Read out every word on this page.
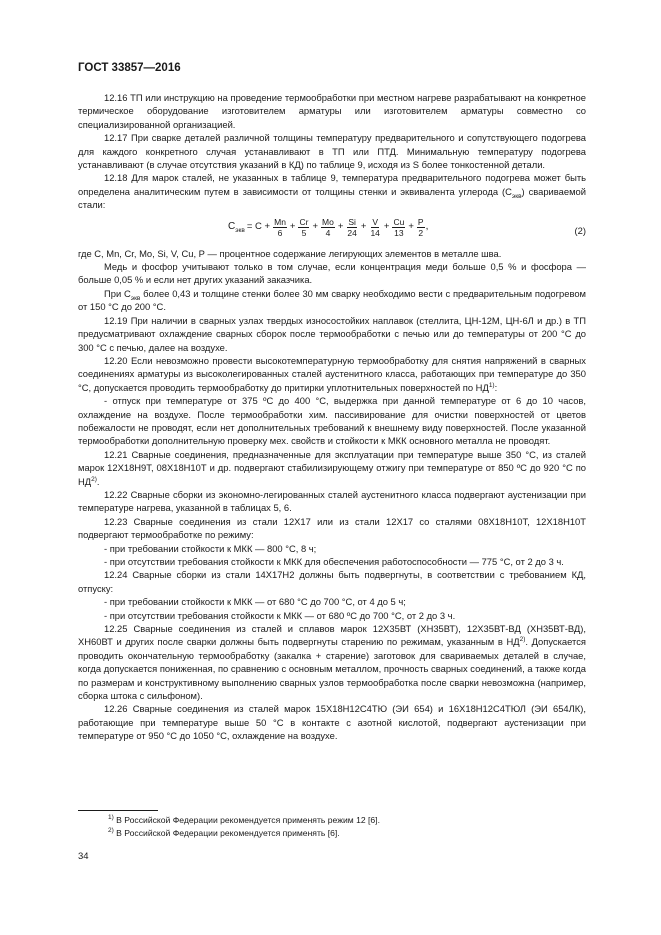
ГОСТ 33857—2016

12.16 ТП или инструкцию на проведение термообработки при местном нагреве разрабатывают на конкретное термическое оборудование изготовителем арматуры или изготовителем арматуры совместно со специализированной организацией.

12.17 При сварке деталей различной толщины температуру предварительного и сопутствующего подогрева для каждого конкретного случая устанавливают в ТП или ПТД. Минимальную температуру подогрева устанавливают (в случае отсутствия указаний в КД) по таблице 9, исходя из S более тонкостенной детали.

12.18 Для марок сталей, не указанных в таблице 9, температура предварительного подогрева может быть определена аналитическим путем в зависимости от толщины стенки и эквивалента углерода $(С_{экв})$ свариваемой стали:

$С_{экв} = С + \frac{Mn}{6} + \frac{Cr}{5} + \frac{Mo}{4} + \frac{Si}{24} + \frac{V}{14} + \frac{Cu}{13} + \frac{P}{2}$ ,	(2)

где С, Mn, Cr, Mo, Si, V, Cu, Р — процентное содержание легирующих элементов в металле шва.

Медь и фосфор учитывают только в том случае, если концентрация меди больше 0,5 % и фосфора — больше 0,05 % и если нет других указаний заказчика.

При $С_{экв}$ более 0,43 и толщине стенки более 30 мм сварку необходимо вести с предварительным подогревом от 150 °С до 200 °С.

12.19 При наличии в сварных узлах твердых износостойких наплавок (стеллита, ЦН-12М, ЦН-6Л и др.) в ТП предусматривают охлаждение сварных сборок после термообработки с печью или до температуры от 200 °С до 300 °С с печью, далее на воздухе.

12.20 Если невозможно провести высокотемпературную термообработку для снятия напряжений в сварных соединениях арматуры из высоколегированных сталей аустенитного класса, работающих при температуре до 350 °С, допускается проводить термообработку до притирки уплотнительных поверхностей по НД$^{1)}$:

- отпуск при температуре от 375 ºС до 400 °С, выдержка при данной температуре от 6 до 10 часов, охлаждение на воздухе. После термообработки хим. пассивирование для очистки поверхностей от цветов побежалости не проводят, если нет дополнительных требований к внешнему виду поверхностей. После указанной термообработки дополнительную проверку мех. свойств и стойкости к МКК основного металла не проводят.

12.21 Сварные соединения, предназначенные для эксплуатации при температуре выше 350 °С, из сталей марок 12Х18Н9Т, 08Х18Н10Т и др. подвергают стабилизирующему отжигу при температуре от 850 ºС до 920 °С по НД$^{2)}$.

12.22 Сварные сборки из экономно-легированных сталей аустенитного класса подвергают аустенизации при температуре нагрева, указанной в таблицах 5, 6.

12.23 Сварные соединения из стали 12Х17 или из стали 12Х17 со сталями 08Х18Н10Т, 12Х18Н10Т подвергают термообработке по режиму:

- при требовании стойкости к МКК — 800 °С, 8 ч;

- при отсутствии требования стойкости к МКК для обеспечения работоспособности — 775 °С, от 2 до 3 ч.

12.24 Сварные сборки из стали 14Х17Н2 должны быть подвергнуты, в соответствии с требованием КД, отпуску:

- при требовании стойкости к МКК — от 680 °С до 700 °С, от 4 до 5 ч;

- при отсутствии требования стойкости к МКК — от 680 ºС до 700 °С, от 2 до 3 ч.

12.25 Сварные соединения из сталей и сплавов марок 12Х35ВТ (ХН35ВТ), 12Х35ВТ-ВД (ХН35ВТ-ВД), ХН60ВТ и других после сварки должны быть подвергнуты старению по режимам, указанным в НД$^{2)}$. Допускается проводить окончательную термообработку (закалка + старение) заготовок для свариваемых деталей в случае, когда допускается пониженная, по сравнению с основным металлом, прочность сварных соединений, а также когда по размерам и конструктивному выполнению сварных узлов термообработка после сварки невозможна (например, сборка штока с сильфоном).

12.26 Сварные соединения из сталей марок 15Х18Н12С4ТЮ (ЭИ 654) и 16Х18Н12С4ТЮЛ (ЭИ 654ЛК), работающие при температуре выше 50 °С в контакте с азотной кислотой, подвергают аустенизации при температуре от 950 °С до 1050 °С, охлаждение на воздухе.

$^{1)}$ В Российской Федерации рекомендуется применять режим 12 [6].
$^{2)}$ В Российской Федерации рекомендуется применять [6].
34
